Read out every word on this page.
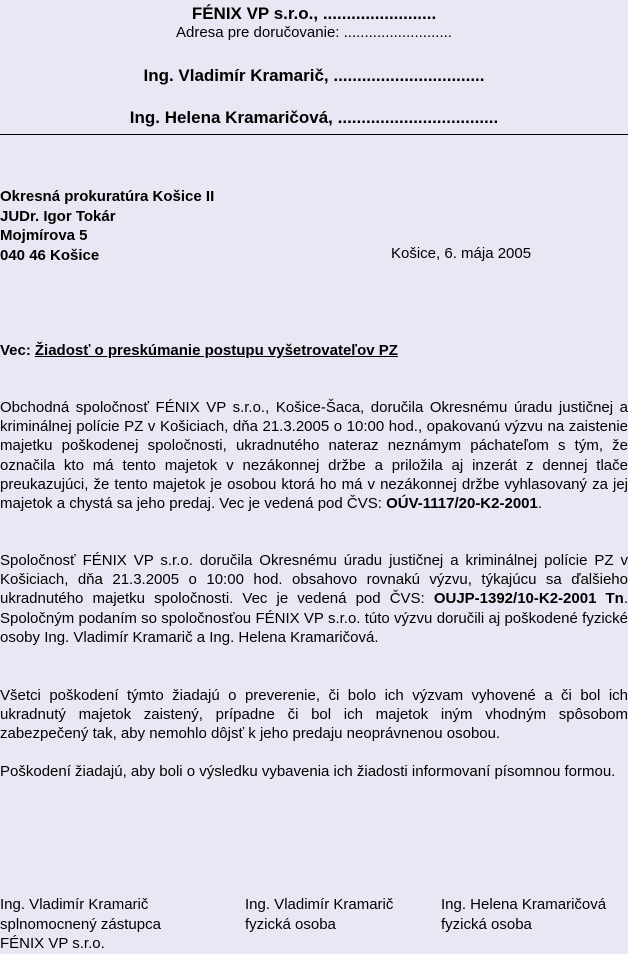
FÉNIX VP s.r.o., ........................
Adresa pre doručovanie: ..........................
Ing. Vladimír Kramarič, ................................
Ing. Helena Kramaričová, ..................................
Okresná prokuratúra Košice II
JUDr. Igor Tokár
Mojmírova 5
040 46 Košice	Košice, 6. mája 2005
Vec: Žiadosť o preskúmanie postupu vyšetrovateľov PZ
Obchodná spoločnosť FÉNIX VP s.r.o., Košice-Šaca, doručila Okresnému úradu justičnej a kriminálnej polície PZ v Košiciach, dňa 21.3.2005 o 10:00 hod., opakovanú výzvu na zaistenie majetku poškodenej spoločnosti, ukradnutého nateraz neznámym páchateľom s tým, že označila kto má tento majetok v nezákonnej držbe a priložila aj inzerát z dennej tlače preukazujúci, že tento majetok je osobou ktorá ho má v nezákonnej držbe vyhlasovaný za jej majetok a chystá sa jeho predaj. Vec je vedená pod ČVS: OÚV-1117/20-K2-2001.
Spoločnosť FÉNIX VP s.r.o. doručila Okresnému úradu justičnej a kriminálnej polície PZ v Košiciach, dňa 21.3.2005 o 10:00 hod. obsahovo rovnakú výzvu, týkajúcu sa ďalšieho ukradnutého majetku spoločnosti. Vec je vedená pod ČVS: OUJP-1392/10-K2-2001 Tn. Spoločným podaním so spoločnosťou FÉNIX VP s.r.o. túto výzvu doručili aj poškodené fyzické osoby Ing. Vladimír Kramarič a Ing. Helena Kramaričová.
Všetci poškodení týmto žiadajú o preverenie, či bolo ich výzvam vyhovené a či bol ich ukradnutý majetok zaistený, prípadne či bol ich majetok iným vhodným spôsobom zabezpečený tak, aby nemohlo dôjsť k jeho predaju neoprávnenou osobou.
Poškodení žiadajú, aby boli o výsledku vybavenia ich žiadosti informovaní písomnou formou.
Ing. Vladimír Kramarič
splnomocnený zástupca
FÉNIX VP s.r.o.
Ing. Vladimír Kramarič
fyzická osoba
Ing. Helena Kramaričová
fyzická osoba
